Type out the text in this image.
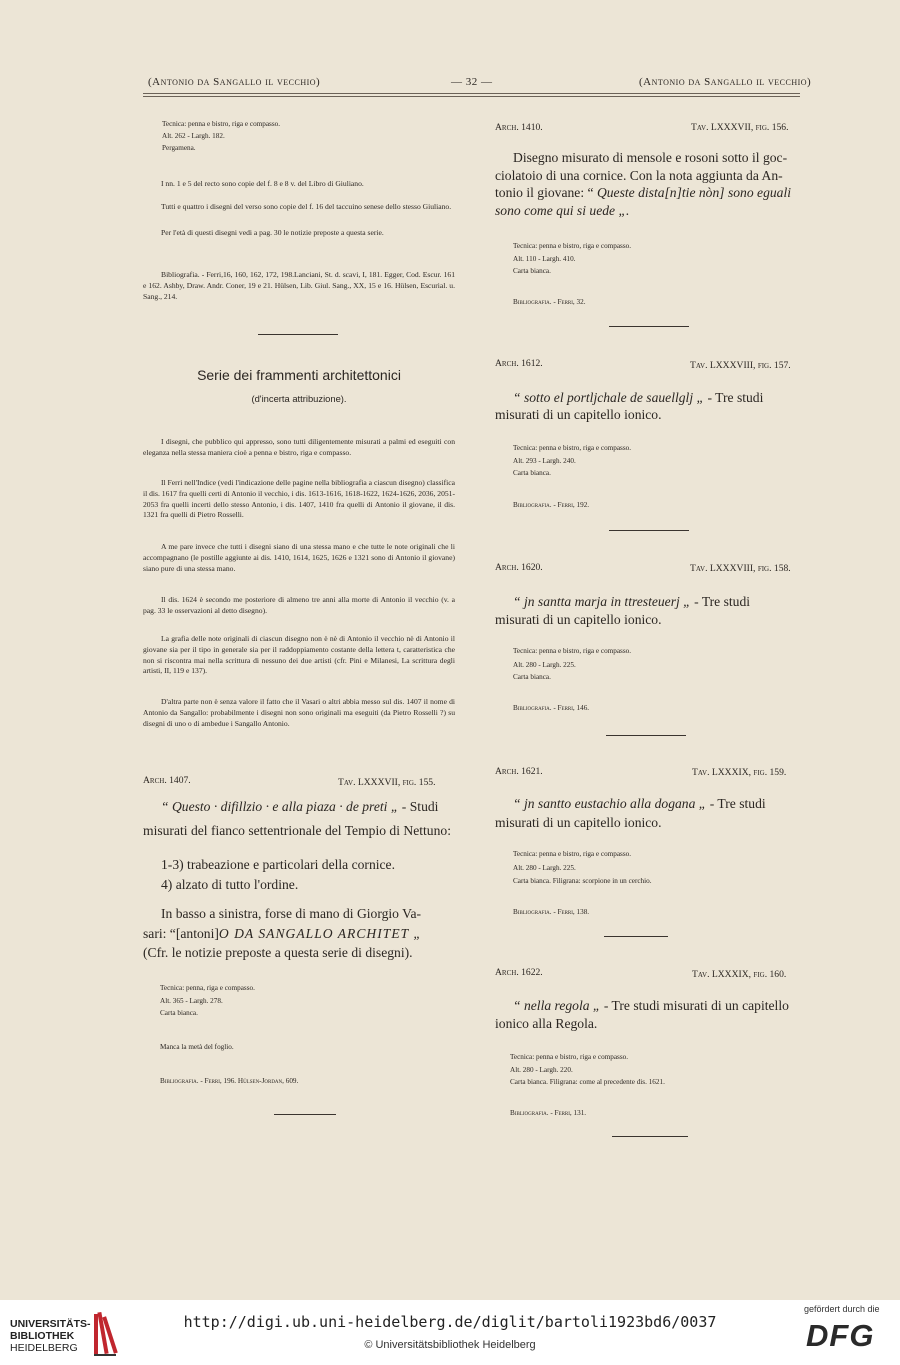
(Antonio da Sangallo il vecchio)	— 32 —	(Antonio da Sangallo il vecchio)
Tecnica: penna e bistro, riga e compasso.
Alt. 262 - Largh. 182.
Pergamena.
I nn. 1 e 5 del recto sono copie del f. 8 e 8 v. del Libro di Giuliano.
Tutti e quattro i disegni del verso sono copie del f. 16 del taccuino senese dello stesso Giuliano.
Per l'età di questi disegni vedi a pag. 30 le notizie preposte a questa serie.
Bibliografia. - Ferri,16, 160, 162, 172, 198.Lanciani, St. d. scavi, I, 181. Egger, Cod. Escur. 161 e 162. Ashby, Draw. Andr. Coner, 19 e 21. Hülsen, Lib. Giul. Sang., XX, 15 e 16. Hülsen, Escurial. u. Sang., 214.
Serie dei frammenti architettonici
(d'incerta attribuzione).
I disegni, che pubblico qui appresso, sono tutti diligentemente misurati a palmi ed eseguiti con eleganza nella stessa maniera cioè a penna e bistro, riga e compasso.
Il Ferri nell'Indice (vedi l'indicazione delle pagine nella bibliografia a ciascun disegno) classifica il dis. 1617 fra quelli certi di Antonio il vecchio, i dis. 1613-1616, 1618-1622, 1624-1626, 2036, 2051-2053 fra quelli incerti dello stesso Antonio, i dis. 1407, 1410 fra quelli di Antonio il giovane, il dis. 1321 fra quelli di Pietro Rosselli.
A me pare invece che tutti i disegni siano di una stessa mano e che tutte le note originali che li accompagnano (le postille aggiunte ai dis. 1410, 1614, 1625, 1626 e 1321 sono di Antonio il giovane) siano pure di una stessa mano.
Il dis. 1624 è secondo me posteriore di almeno tre anni alla morte di Antonio il vecchio (v. a pag. 33 le osservazioni al detto disegno).
La grafia delle note originali di ciascun disegno non è nè di Antonio il vecchio nè di Antonio il giovane sia per il tipo in generale sia per il raddoppiamento costante della lettera t, caratteristica che non si riscontra mai nella scrittura di nessuno dei due artisti (cfr. Pini e Milanesi, La scrittura degli artisti, II, 119 e 137).
D'altra parte non è senza valore il fatto che il Vasari o altri abbia messo sul dis. 1407 il nome di Antonio da Sangallo: probabilmente i disegni non sono originali ma eseguiti (da Pietro Rosselli ?) su disegni di uno o di ambedue i Sangallo Antonio.
Arch. 1407.	Tav. LXXXVII, fig. 155.
“ Questo · difillzio · e alla piaza · de preti „ - Studi
misurati del fianco settentrionale del Tempio di Nettuno:
1-3) trabeazione e particolari della cornice.
4) alzato di tutto l'ordine.
In basso a sinistra, forse di mano di Giorgio Va-
sari: “[antoni]O DA SANGALLO ARCHITET „
(Cfr. le notizie preposte a questa serie di disegni).
Tecnica: penna, riga e compasso.
Alt. 365 - Largh. 278.
Carta bianca.
Manca la metà del foglio.
Bibliografia. - Ferri, 196. Hülsen-Jordan, 609.
Arch. 1410.	Tav. LXXXVII, fig. 156.
Disegno misurato di mensole e rosoni sotto il goc-
ciolatoio di una cornice. Con la nota aggiunta da An-
tonio il giovane: “ Queste dista[n]tie nòn] sono eguali
sono come qui si uede „.
Tecnica: penna e bistro, riga e compasso.
Alt. 110 - Largh. 410.
Carta bianca.
Bibliografia. - Ferri, 32.
Arch. 1612.	Tav. LXXXVIII, fig. 157.
“ sotto el portljchale de sauellglj „ - Tre studi
misurati di un capitello ionico.
Tecnica: penna e bistro, riga e compasso.
Alt. 293 - Largh. 240.
Carta bianca.
Bibliografia. - Ferri, 192.
Arch. 1620.	Tav. LXXXVIII, fig. 158.
“ jn santta marja in ttresteuerj „ - Tre studi
misurati di un capitello ionico.
Tecnica: penna e bistro, riga e compasso.
Alt. 280 - Largh. 225.
Carta bianca.
Bibliografia. - Ferri, 146.
Arch. 1621.	Tav. LXXXIX, fig. 159.
“ jn santto eustachio alla dogana „ - Tre studi
misurati di un capitello ionico.
Tecnica: penna e bistro, riga e compasso.
Alt. 280 - Largh. 225.
Carta bianca. Filigrana: scorpione in un cerchio.
Bibliografia. - Ferri, 138.
Arch. 1622.	Tav. LXXXIX, fig. 160.
“ nella regola „ - Tre studi misurati di un capitello
ionico alla Regola.
Tecnica: penna e bistro, riga e compasso.
Alt. 280 - Largh. 220.
Carta bianca. Filigrana: come al precedente dis. 1621.
Bibliografia. - Ferri, 131.
UNIVERSITÄTS-
BIBLIOTHEK
HEIDELBERG
http://digi.ub.uni-heidelberg.de/diglit/bartoli1923bd6/0037
© Universitätsbibliothek Heidelberg
gefördert durch die
DFG
